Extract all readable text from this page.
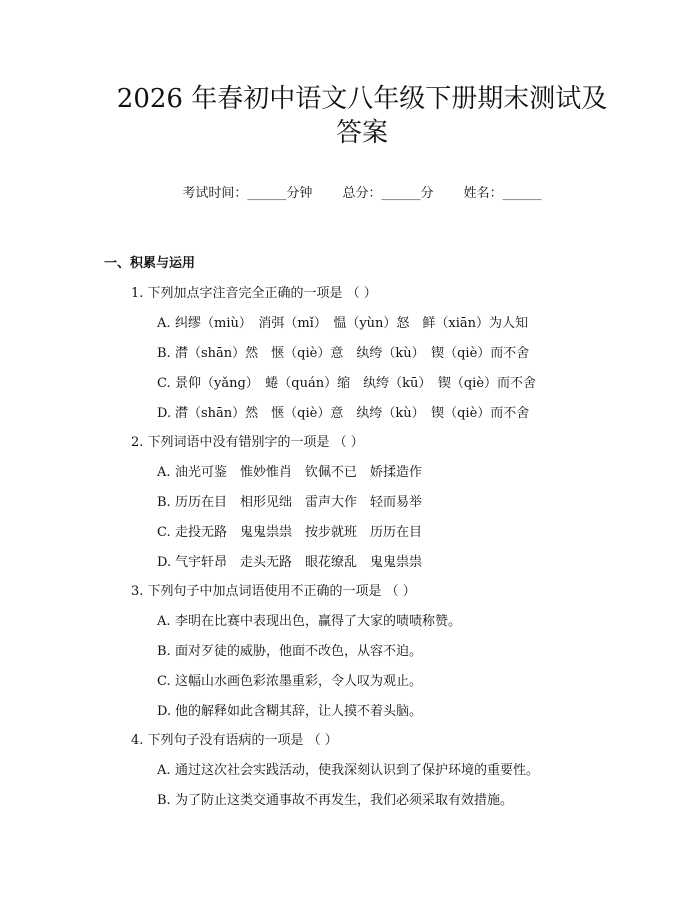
2026 年春初中语文八年级下册期末测试及答案
考试时间：______分钟 总分：______分 姓名：______
一、积累与运用
1. 下列加点字注音完全正确的一项是 （ ）
A. 纠缪（miù）　消弭（mǐ）　愠（yùn）怒　鲜（xiān）为人知
B. 潸（shān）然　惬（qiè）意　纨绔（kù）　锲（qiè）而不舍
C. 景仰（yǎng）　蜷（quán）缩　纨绔（kū）　锲（qiè）而不舍
D. 潸（shān）然　惬（qiè）意　纨绔（kù）　锲（qiè）而不舍
2. 下列词语中没有错别字的一项是 （ ）
A. 油光可鉴　惟妙惟肖　钦佩不已　娇揉造作
B. 历历在目　相形见绌　雷声大作　轻而易举
C. 走投无路　鬼鬼祟祟　按步就班　历历在目
D. 气宇轩昂　走头无路　眼花缭乱　鬼鬼祟祟
3. 下列句子中加点词语使用不正确的一项是 （ ）
A. 李明在比赛中表现出色，赢得了大家的啧啧称赞。
B. 面对歹徒的威胁，他面不改色，从容不迫。
C. 这幅山水画色彩浓墨重彩，令人叹为观止。
D. 他的解释如此含糊其辞，让人摸不着头脑。
4. 下列句子没有语病的一项是 （ ）
A. 通过这次社会实践活动，使我深刻认识到了保护环境的重要性。
B. 为了防止这类交通事故不再发生，我们必须采取有效措施。
